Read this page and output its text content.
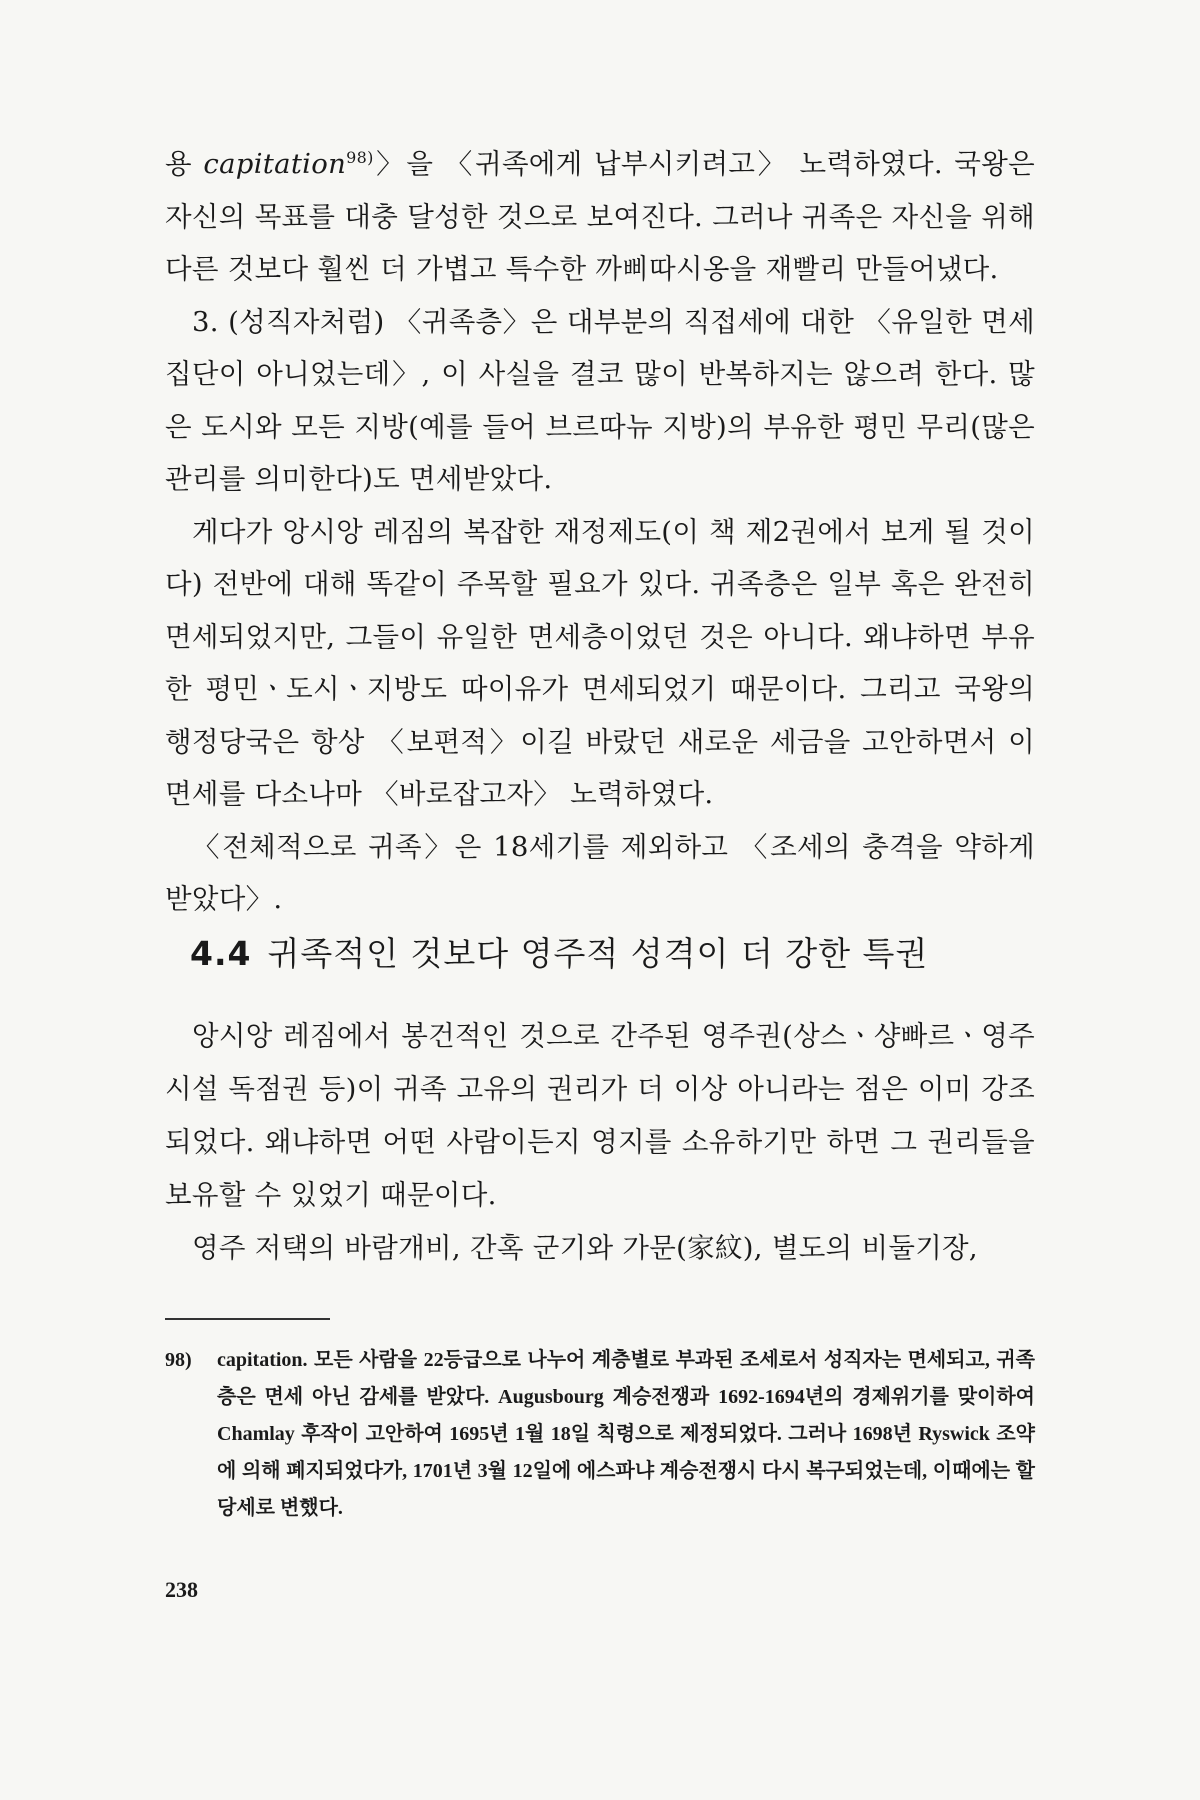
용 capitation$^{98)}$〉을 〈귀족에게 납부시키려고〉 노력하였다. 국왕은 자신의 목표를 대충 달성한 것으로 보여진다. 그러나 귀족은 자신을 위해 다른 것보다 훨씬 더 가볍고 특수한 까삐따시옹을 재빨리 만들어냈다.

3. (성직자처럼) 〈귀족층〉은 대부분의 직접세에 대한 〈유일한 면세 집단이 아니었는데〉, 이 사실을 결코 많이 반복하지는 않으려 한다. 많은 도시와 모든 지방(예를 들어 브르따뉴 지방)의 부유한 평민 무리(많은 관리를 의미한다)도 면세받았다.

게다가 앙시앙 레짐의 복잡한 재정제도(이 책 제2권에서 보게 될 것이다) 전반에 대해 똑같이 주목할 필요가 있다. 귀족층은 일부 혹은 완전히 면세되었지만, 그들이 유일한 면세층이었던 것은 아니다. 왜냐하면 부유한 평민ㆍ도시ㆍ지방도 따이유가 면세되었기 때문이다. 그리고 국왕의 행정당국은 항상 〈보편적〉이길 바랐던 새로운 세금을 고안하면서 이 면세를 다소나마 〈바로잡고자〉 노력하였다.

〈전체적으로 귀족〉은 18세기를 제외하고 〈조세의 충격을 약하게 받았다〉.

4.4 귀족적인 것보다 영주적 성격이 더 강한 특권

앙시앙 레짐에서 봉건적인 것으로 간주된 영주권(상스ㆍ샹빠르ㆍ영주시설 독점권 등)이 귀족 고유의 권리가 더 이상 아니라는 점은 이미 강조되었다. 왜냐하면 어떤 사람이든지 영지를 소유하기만 하면 그 권리들을 보유할 수 있었기 때문이다.

영주 저택의 바람개비, 간혹 군기와 가문(家紋), 별도의 비둘기장,

98)	capitation. 모든 사람을 22등급으로 나누어 계층별로 부과된 조세로서 성직자는 면세되고, 귀족층은 면세 아닌 감세를 받았다. Augusbourg 계승전쟁과 1692-1694년의 경제위기를 맞이하여 Chamlay 후작이 고안하여 1695년 1월 18일 칙령으로 제정되었다. 그러나 1698년 Ryswick 조약에 의해 폐지되었다가, 1701년 3월 12일에 에스파냐 계승전쟁시 다시 복구되었는데, 이때에는 할당세로 변했다.
238
